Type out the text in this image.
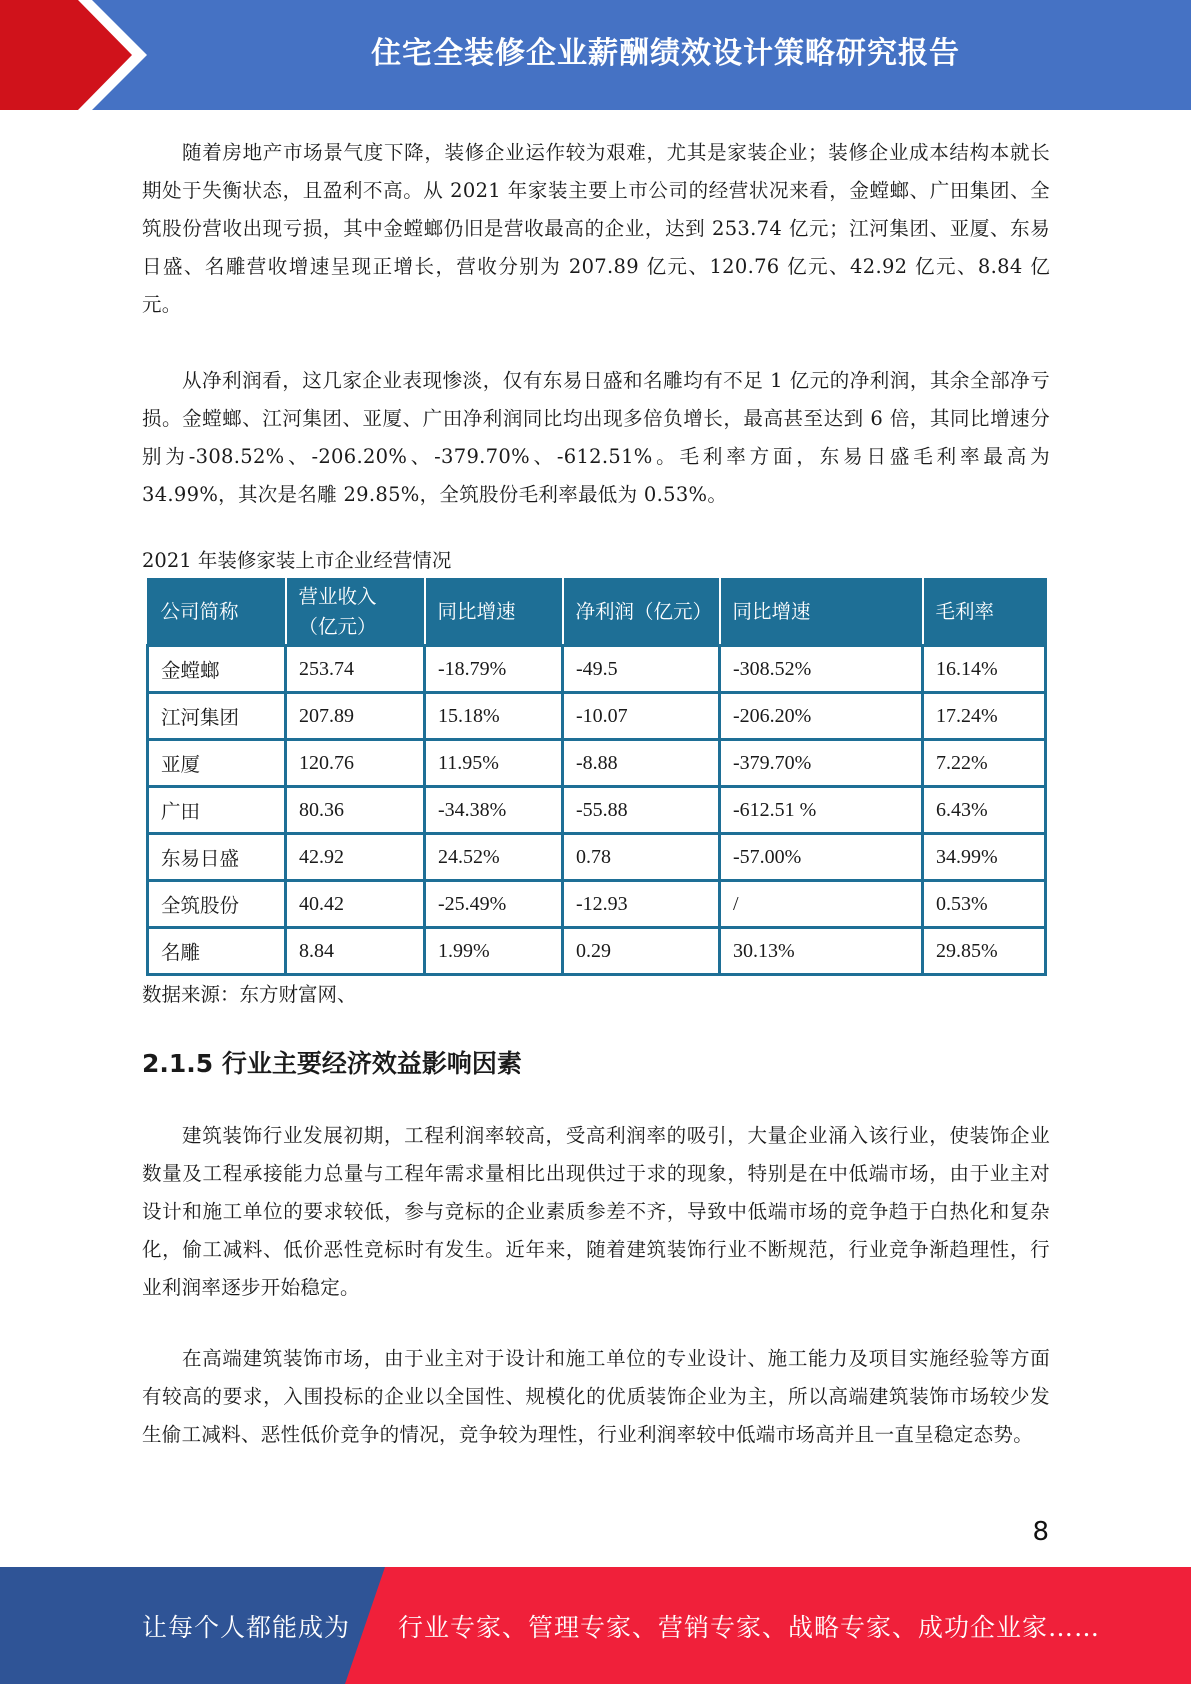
住宅全装修企业薪酬绩效设计策略研究报告

随着房地产市场景气度下降，装修企业运作较为艰难，尤其是家装企业；装修企业成本结构本就长期处于失衡状态，且盈利不高。从 2021 年家装主要上市公司的经营状况来看，金螳螂、广田集团、全筑股份营收出现亏损，其中金螳螂仍旧是营收最高的企业，达到 253.74 亿元；江河集团、亚厦、东易日盛、名雕营收增速呈现正增长，营收分别为 207.89 亿元、120.76 亿元、42.92 亿元、8.84 亿元。

从净利润看，这几家企业表现惨淡，仅有东易日盛和名雕均有不足 1 亿元的净利润，其余全部净亏损。金螳螂、江河集团、亚厦、广田净利润同比均出现多倍负增长，最高甚至达到 6 倍，其同比增速分别为-308.52%、-206.20%、-379.70%、-612.51%。毛利率方面，东易日盛毛利率最高为 34.99%，其次是名雕 29.85%，全筑股份毛利率最低为 0.53%。

2021 年装修家装上市企业经营情况
公司简称	营业收入（亿元）	同比增速	净利润（亿元）	同比增速	毛利率
金螳螂	253.74	-18.79%	-49.5	-308.52%	16.14%
江河集团	207.89	15.18%	-10.07	-206.20%	17.24%
亚厦	120.76	11.95%	-8.88	-379.70%	7.22%
广田	80.36	-34.38%	-55.88	-612.51 %	6.43%
东易日盛	42.92	24.52%	0.78	-57.00%	34.99%
全筑股份	40.42	-25.49%	-12.93	/	0.53%
名雕	8.84	1.99%	0.29	30.13%	29.85%
数据来源：东方财富网、
2.1.5 行业主要经济效益影响因素

建筑装饰行业发展初期，工程利润率较高，受高利润率的吸引，大量企业涌入该行业，使装饰企业数量及工程承接能力总量与工程年需求量相比出现供过于求的现象，特别是在中低端市场，由于业主对设计和施工单位的要求较低，参与竞标的企业素质参差不齐，导致中低端市场的竞争趋于白热化和复杂化，偷工减料、低价恶性竞标时有发生。近年来，随着建筑装饰行业不断规范，行业竞争渐趋理性，行业利润率逐步开始稳定。

在高端建筑装饰市场，由于业主对于设计和施工单位的专业设计、施工能力及项目实施经验等方面有较高的要求，入围投标的企业以全国性、规模化的优质装饰企业为主，所以高端建筑装饰市场较少发生偷工减料、恶性低价竞争的情况，竞争较为理性，行业利润率较中低端市场高并且一直呈稳定态势。

8
让每个人都能成为 行业专家、管理专家、营销专家、战略专家、成功企业家……
